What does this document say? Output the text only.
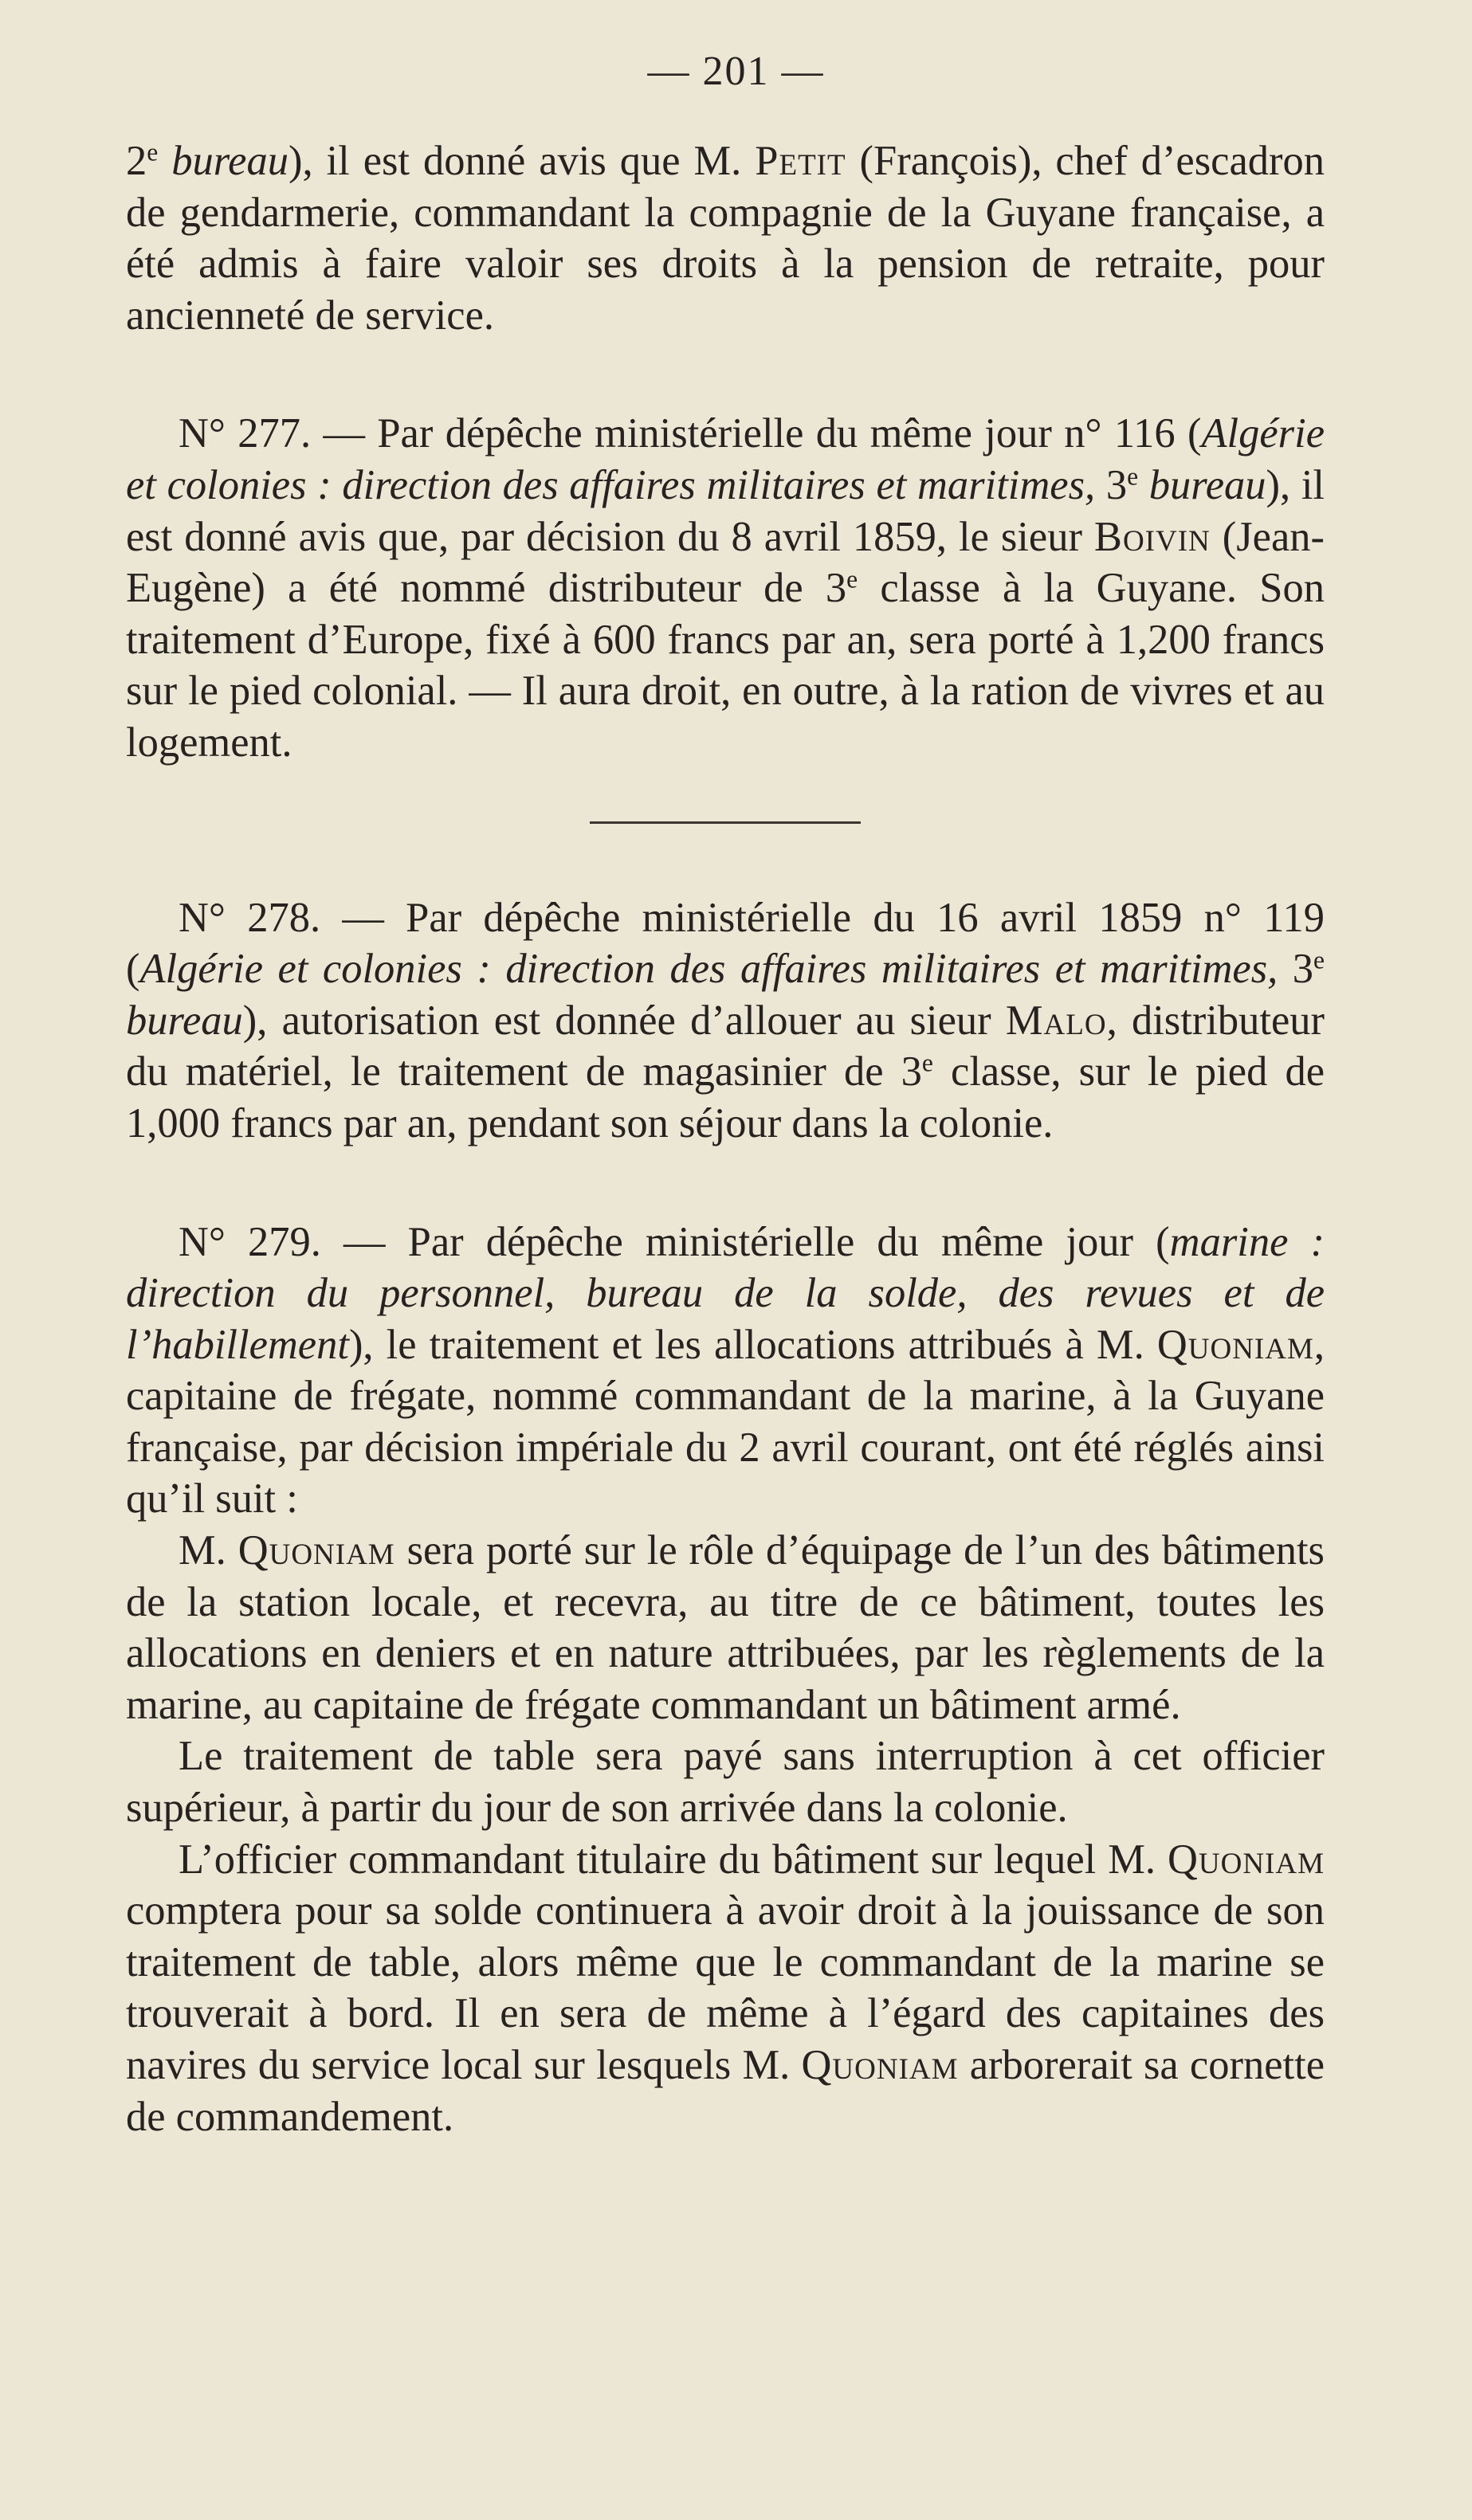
— 201 —

2e bureau), il est donné avis que M. Petit (François), chef d’escadron de gendarmerie, commandant la compagnie de la Guyane française, a été admis à faire valoir ses droits à la pension de retraite, pour ancienneté de service.

N° 277. — Par dépêche ministérielle du même jour n° 116 (Algérie et colonies : direction des affaires militaires et maritimes, 3e bureau), il est donné avis que, par décision du 8 avril 1859, le sieur Boivin (Jean-Eugène) a été nommé distributeur de 3e classe à la Guyane. Son traitement d’Europe, fixé à 600 francs par an, sera porté à 1,200 francs sur le pied colonial. — Il aura droit, en outre, à la ration de vivres et au logement.

N° 278. — Par dépêche ministérielle du 16 avril 1859 n° 119 (Algérie et colonies : direction des affaires militaires et maritimes, 3e bureau), autorisation est donnée d’allouer au sieur Malo, distributeur du matériel, le traitement de magasinier de 3e classe, sur le pied de 1,000 francs par an, pendant son séjour dans la colonie.

N° 279. — Par dépêche ministérielle du même jour (marine : direction du personnel, bureau de la solde, des revues et de l’habillement), le traitement et les allocations attribués à M. Quoniam, capitaine de frégate, nommé commandant de la marine, à la Guyane française, par décision impériale du 2 avril courant, ont été réglés ainsi qu’il suit :

M. Quoniam sera porté sur le rôle d’équipage de l’un des bâtiments de la station locale, et recevra, au titre de ce bâtiment, toutes les allocations en deniers et en nature attribuées, par les règlements de la marine, au capitaine de frégate commandant un bâtiment armé.

Le traitement de table sera payé sans interruption à cet officier supérieur, à partir du jour de son arrivée dans la colonie.

L’officier commandant titulaire du bâtiment sur lequel M. Quoniam comptera pour sa solde continuera à avoir droit à la jouissance de son traitement de table, alors même que le commandant de la marine se trouverait à bord. Il en sera de même à l’égard des capitaines des navires du service local sur lesquels M. Quoniam arborerait sa cornette de commandement.
